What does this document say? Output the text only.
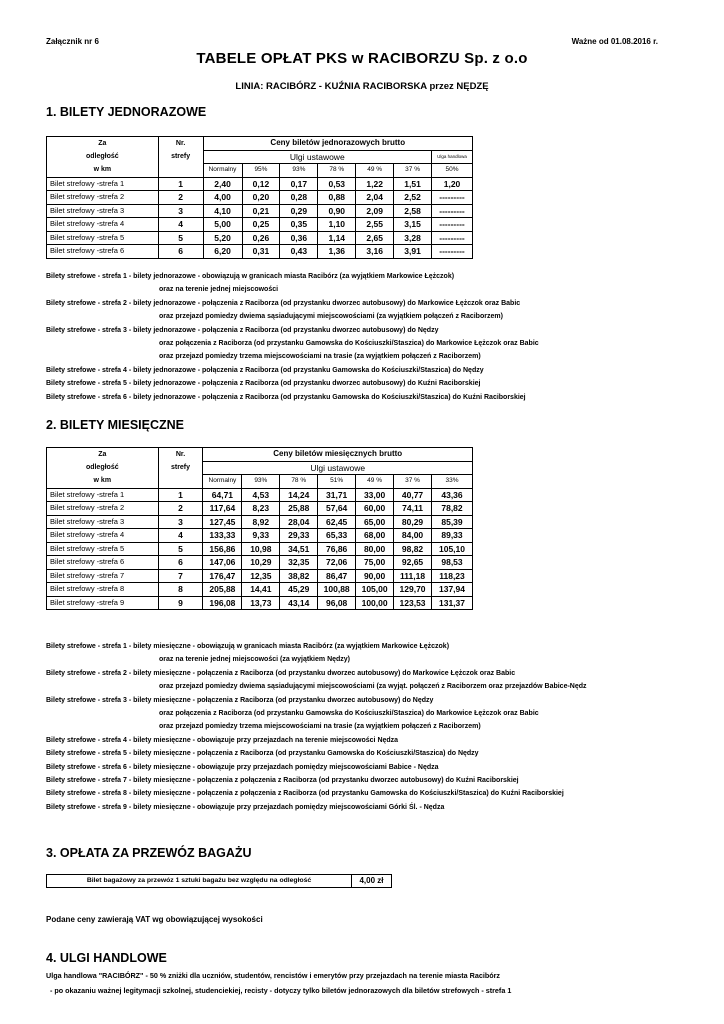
Załącznik nr 6	Ważne od 01.08.2016 r.
TABELE OPŁAT PKS w RACIBORZU Sp. z o.o
LINIA: RACIBÓRZ - KUŹNIA RACIBORSKA przez NĘDZĘ
1. BILETY JEDNORAZOWE
Za	Nr.	Ceny biletów jednorazowych brutto						
odległość	strefy	Ulgi ustawowe						Ulga handlowa
w km		Normalny	95%	93%	78 %	49 %	37 %	50%
Bilet strefowy -strefa 1	1	2,40	0,12	0,17	0,53	1,22	1,51	1,20
Bilet strefowy -strefa 2	2	4,00	0,20	0,28	0,88	2,04	2,52	---------
Bilet strefowy -strefa 3	3	4,10	0,21	0,29	0,90	2,09	2,58	---------
Bilet strefowy -strefa 4	4	5,00	0,25	0,35	1,10	2,55	3,15	---------
Bilet strefowy -strefa 5	5	5,20	0,26	0,36	1,14	2,65	3,28	---------
Bilet strefowy -strefa 6	6	6,20	0,31	0,43	1,36	3,16	3,91	---------
Bilety strefowe - strefa 1 - bilety jednorazowe - obowiązują w granicach miasta Racibórz (za wyjątkiem Markowice Łężczok)
oraz na terenie jednej miejscowości
Bilety strefowe - strefa 2 - bilety jednorazowe - połączenia z Raciborza (od przystanku dworzec autobusowy) do Markowice Łężczok oraz Babic
oraz przejazd pomiedzy dwiema sąsiadującymi miejscowościami (za wyjątkiem połączeń z Raciborzem)
Bilety strefowe - strefa 3 - bilety jednorazowe - połączenia z Raciborza (od przystanku dworzec autobusowy) do Nędzy
oraz połączenia z Raciborza (od przystanku Gamowska do Kościuszki/Staszica) do Markowice Łężczok oraz Babic
oraz przejazd pomiedzy trzema miejscowościami na trasie (za wyjątkiem połączeń z Raciborzem)
Bilety strefowe - strefa 4 - bilety jednorazowe - połączenia z Raciborza (od przystanku Gamowska do Kościuszki/Staszica) do Nędzy
Bilety strefowe - strefa 5 - bilety jednorazowe - połączenia z Raciborza (od przystanku dworzec autobusowy) do Kuźni Raciborskiej
Bilety strefowe - strefa 6 - bilety jednorazowe - połączenia z Raciborza (od przystanku Gamowska do Kościuszki/Staszica) do Kuźni Raciborskiej
2. BILETY MIESIĘCZNE
Za	Nr.	Ceny biletów miesięcznych brutto						
odległość	strefy	Ulgi ustawowe						
w km		Normalny	93%	78 %	51%	49 %	37 %	33%
Bilet strefowy -strefa 1	1	64,71	4,53	14,24	31,71	33,00	40,77	43,36
Bilet strefowy -strefa 2	2	117,64	8,23	25,88	57,64	60,00	74,11	78,82
Bilet strefowy -strefa 3	3	127,45	8,92	28,04	62,45	65,00	80,29	85,39
Bilet strefowy -strefa 4	4	133,33	9,33	29,33	65,33	68,00	84,00	89,33
Bilet strefowy -strefa 5	5	156,86	10,98	34,51	76,86	80,00	98,82	105,10
Bilet strefowy -strefa 6	6	147,06	10,29	32,35	72,06	75,00	92,65	98,53
Bilet strefowy -strefa 7	7	176,47	12,35	38,82	86,47	90,00	111,18	118,23
Bilet strefowy -strefa 8	8	205,88	14,41	45,29	100,88	105,00	129,70	137,94
Bilet strefowy -strefa 9	9	196,08	13,73	43,14	96,08	100,00	123,53	131,37
Bilety strefowe - strefa 1 - bilety miesięczne - obowiązują w granicach miasta Racibórz (za wyjątkiem Markowice Łężczok)
oraz na terenie jednej miejscowości (za wyjątkiem Nędzy)
Bilety strefowe - strefa 2 - bilety miesięczne - połączenia z Raciborza (od przystanku dworzec autobusowy) do Markowice Łężczok oraz Babic
oraz przejazd pomiedzy dwiema sąsiadującymi miejscowościami (za wyjąt. połączeń z Raciborzem oraz przejazdów Babice-Nędz
Bilety strefowe - strefa 3 - bilety miesięczne - połączenia z Raciborza (od przystanku dworzec autobusowy) do Nędzy
oraz połączenia z Raciborza (od przystanku Gamowska do Kościuszki/Staszica) do Markowice Łężczok oraz Babic
oraz przejazd pomiedzy trzema miejscowościami na trasie (za wyjątkiem połączeń z Raciborzem)
Bilety strefowe - strefa 4 - bilety miesięczne - obowiązuje przy przejazdach na terenie miejscowości Nędza
Bilety strefowe - strefa 5 - bilety miesięczne - połączenia z Raciborza (od przystanku Gamowska do Kościuszki/Staszica) do Nędzy
Bilety strefowe - strefa 6 - bilety miesięczne - obowiązuje przy przejazdach pomiędzy miejscowościami Babice - Nędza
Bilety strefowe - strefa 7 - bilety miesięczne - połączenia z połączenia z Raciborza (od przystanku dworzec autobusowy) do Kuźni Raciborskiej
Bilety strefowe - strefa 8 - bilety miesięczne - połączenia z połączenia z Raciborza (od przystanku Gamowska do Kościuszki/Staszica) do Kuźni Raciborskiej
Bilety strefowe - strefa 9 - bilety miesięczne - obowiązuje przy przejazdach pomiędzy miejscowościami Górki Śl. - Nędza
3. OPŁATA ZA PRZEWÓZ BAGAŻU
Bilet bagażowy za przewóz 1 sztuki bagażu bez względu na odległość	4,00 zł
Podane ceny zawierają VAT wg obowiązującej wysokości
4. ULGI HANDLOWE
Ulga handlowa "RACIBÓRZ" - 50 % zniżki dla uczniów, studentów, rencistów i emerytów przy przejazdach na terenie miasta Racibórz
- po okazaniu ważnej legitymacji szkolnej, studenciekiej, recisty - dotyczy tylko biletów jednorazowych dla biletów strefowych - strefa 1
